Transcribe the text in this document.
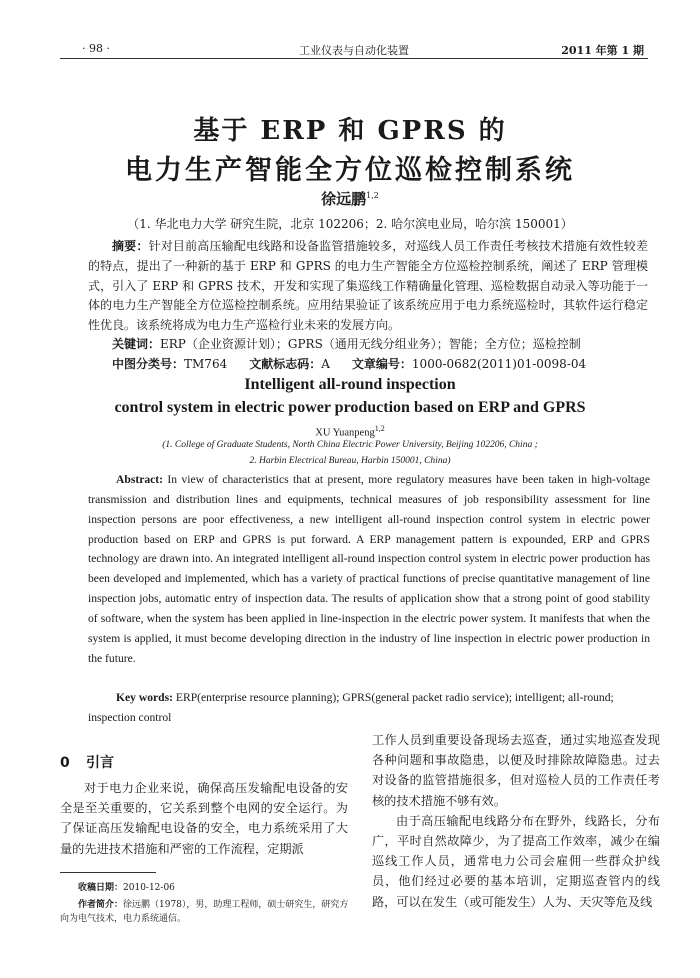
· 98 ·	工业仪表与自动化装置	2011 年第 1 期
基于 ERP 和 GPRS 的
电力生产智能全方位巡检控制系统
徐远鹏$^{1,2}$
（1. 华北电力大学 研究生院，北京 102206；2. 哈尔滨电业局，哈尔滨 150001）
摘要：针对目前高压输配电线路和设备监管措施较多，对巡线人员工作责任考核技术措施有效性较差的特点，提出了一种新的基于 ERP 和 GPRS 的电力生产智能全方位巡检控制系统，阐述了 ERP 管理模式，引入了 ERP 和 GPRS 技术，开发和实现了集巡线工作精确量化管理、巡检数据自动录入等功能于一体的电力生产智能全方位巡检控制系统。应用结果验证了该系统应用于电力系统巡检时，其软件运行稳定性优良。该系统将成为电力生产巡检行业未来的发展方向。
关键词：ERP（企业资源计划）；GPRS（通用无线分组业务）；智能；全方位；巡检控制
中图分类号：TM764 文献标志码：A 文章编号：1000-0682(2011)01-0098-04
Intelligent all-round inspection
control system in electric power production based on ERP and GPRS
XU Yuanpeng$^{1,2}$
(1. College of Graduate Students, North China Electric Power University, Beijing 102206, China ;
2. Harbin Electrical Bureau, Harbin 150001, China)
Abstract: In view of characteristics that at present, more regulatory measures have been taken in high-voltage transmission and distribution lines and equipments, technical measures of job responsibility assessment for line inspection persons are poor effectiveness, a new intelligent all-round inspection control system in electric power production based on ERP and GPRS is put forward. A ERP management pattern is expounded, ERP and GPRS technology are drawn into. An integrated intelligent all-round inspection control system in electric power production has been developed and implemented, which has a variety of practical functions of precise quantitative management of line inspection jobs, automatic entry of inspection data. The results of application show that a strong point of good stability of software, when the system has been applied in line-inspection in the electric power system. It manifests that when the system is applied, it must become developing direction in the industry of line inspection in electric power production in the future.
Key words: ERP(enterprise resource planning); GPRS(general packet radio service); intelligent; all-round; inspection control
0 引言

对于电力企业来说，确保高压发输配电设备的安全是至关重要的，它关系到整个电网的安全运行。为了保证高压发输配电设备的安全，电力系统采用了大量的先进技术措施和严密的工作流程，定期派

工作人员到重要设备现场去巡查，通过实地巡查发现各种问题和事故隐患，以便及时排除故障隐患。过去对设备的监管措施很多，但对巡检人员的工作责任考核的技术措施不够有效。

由于高压输配电线路分布在野外，线路长，分布广，平时自然故障少，为了提高工作效率，减少在编巡线工作人员，通常电力公司会雇佣一些群众护线员，他们经过必要的基本培训，定期巡查管内的线路，可以在发生（或可能发生）人为、天灾等危及线

收稿日期：2010-12-06
作者简介：徐远鹏（1978），男，助理工程师，硕士研究生，研究方向为电气技术，电力系统通信。
